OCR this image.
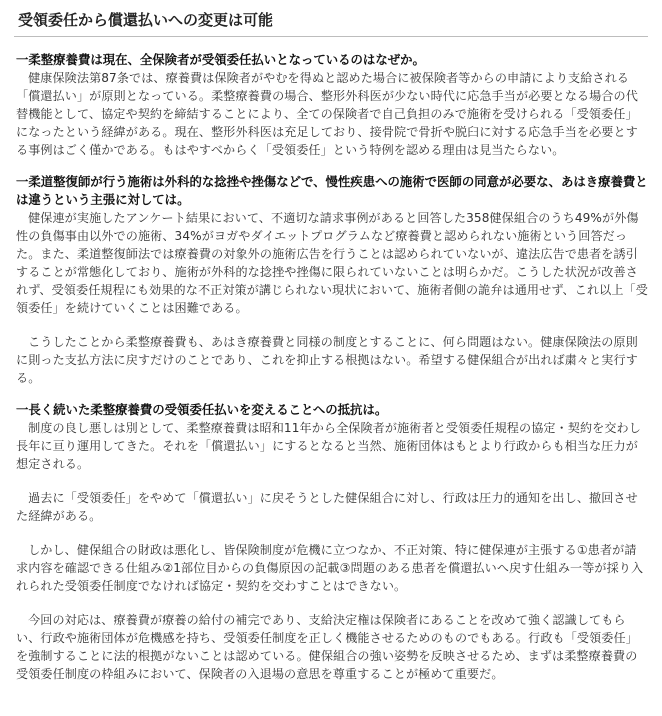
受領委任から償還払いへの変更は可能

一柔整療養費は現在、全保険者が受領委任払いとなっているのはなぜか。

健康保険法第87条では、療養費は保険者がやむを得ぬと認めた場合に被保険者等からの申請により支給される「償還払い」が原則となっている。柔整療養費の場合、整形外科医が少ない時代に応急手当が必要となる場合の代替機能として、協定や契約を締結することにより、全ての保険者で自己負担のみで施術を受けられる「受領委任」になったという経緯がある。現在、整形外科医は充足しており、接骨院で骨折や脱臼に対する応急手当を必要とする事例はごく僅かである。もはやすべからく「受領委任」という特例を認める理由は見当たらない。

一柔道整復師が行う施術は外科的な捻挫や挫傷などで、慢性疾患への施術で医師の同意が必要な、あはき療養費とは違うという主張に対しては。

健保連が実施したアンケート結果において、不適切な請求事例があると回答した358健保組合のうち49%が外傷性の負傷事由以外での施術、34%がヨガやダイエットプログラムなど療養費と認められない施術という回答だった。また、柔道整復師法では療養費の対象外の施術広告を行うことは認められていないが、違法広告で患者を誘引することが常態化しており、施術が外科的な捻挫や挫傷に限られていないことは明らかだ。こうした状況が改善されず、受領委任規程にも効果的な不正対策が講じられない現状において、施術者側の詭弁は通用せず、これ以上「受領委任」を続けていくことは困難である。

こうしたことから柔整療養費も、あはき療養費と同様の制度とすることに、何ら問題はない。健康保険法の原則に則った支払方法に戻すだけのことであり、これを抑止する根拠はない。希望する健保組合が出れば粛々と実行する。

一長く続いた柔整療養費の受領委任払いを変えることへの抵抗は。

制度の良し悪しは別として、柔整療養費は昭和11年から全保険者が施術者と受領委任規程の協定・契約を交わし長年に亘り運用してきた。それを「償還払い」にするとなると当然、施術団体はもとより行政からも相当な圧力が想定される。

過去に「受領委任」をやめて「償還払い」に戻そうとした健保組合に対し、行政は圧力的通知を出し、撤回させた経緯がある。

しかし、健保組合の財政は悪化し、皆保険制度が危機に立つなか、不正対策、特に健保連が主張する①患者が請求内容を確認できる仕組み②1部位目からの負傷原因の記載③問題のある患者を償還払いへ戻す仕組み一等が採り入れられた受領委任制度でなければ協定・契約を交わすことはできない。

今回の対応は、療養費が療養の給付の補完であり、支給決定権は保険者にあることを改めて強く認識してもらい、行政や施術団体が危機感を持ち、受領委任制度を正しく機能させるためのものでもある。行政も「受領委任」を強制することに法的根拠がないことは認めている。健保組合の強い姿勢を反映させるため、まずは柔整療養費の受領委任制度の枠組みにおいて、保険者の入退場の意思を尊重することが極めて重要だ。
